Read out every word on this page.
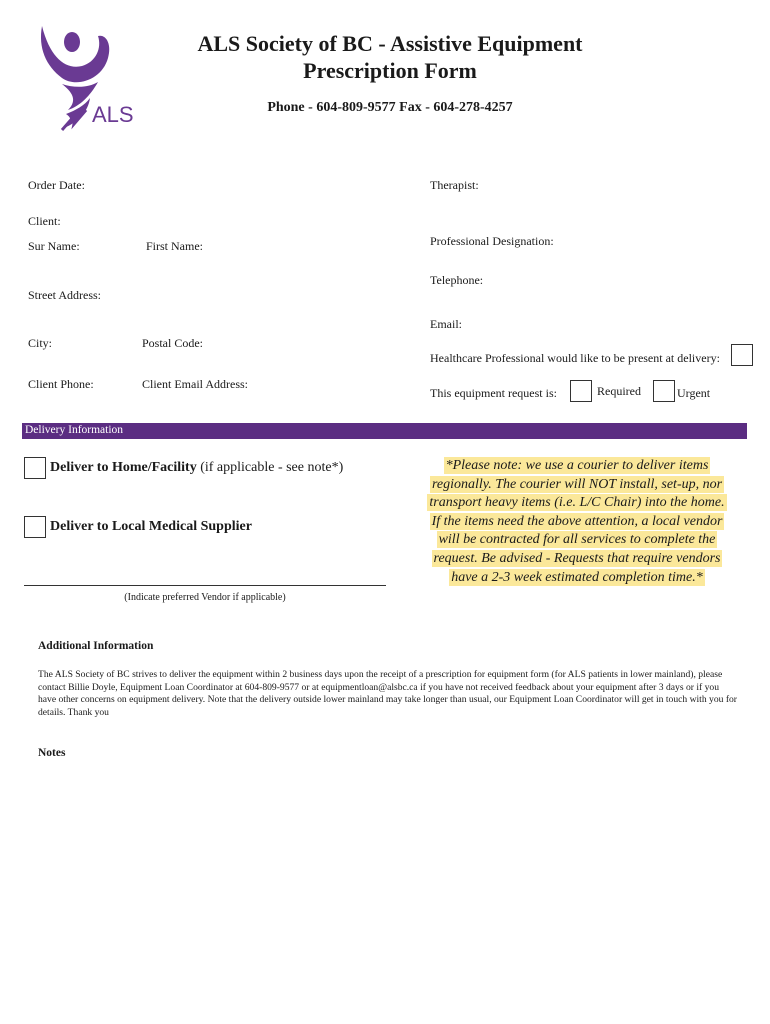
ALS
ALS Society of BC - Assistive Equipment Prescription Form
Phone - 604-809-9577 Fax - 604-278-4257
Order Date:
Client:
Sur Name:	First Name:
Street Address:
City:	Postal Code:
Client Phone:	Client Email Address:
Therapist:
Professional Designation:
Telephone:
Email:
Healthcare Professional would like to be present at delivery:
This equipment request is:	Required	Urgent
Delivery Information
Deliver to Home/Facility (if applicable - see note*)
Deliver to Local Medical Supplier
(Indicate preferred Vendor if applicable)
*Please note: we use a courier to deliver items
regionally. The courier will NOT install, set-up, nor
transport heavy items (i.e. L/C Chair) into the home.
If the items need the above attention, a local vendor
will be contracted for all services to complete the
request. Be advised - Requests that require vendors
have a 2-3 week estimated completion time.*
Additional Information
The ALS Society of BC strives to deliver the equipment within 2 business days upon the receipt of a prescription for equipment form (for ALS patients in lower mainland), please contact Billie Doyle, Equipment Loan Coordinator at 604-809-9577 or at equipmentloan@alsbc.ca if you have not received feedback about your equipment after 3 days or if you have other concerns on equipment delivery. Note that the delivery outside lower mainland may take longer than usual, our Equipment Loan Coordinator will get in touch with you for details. Thank you
Notes
